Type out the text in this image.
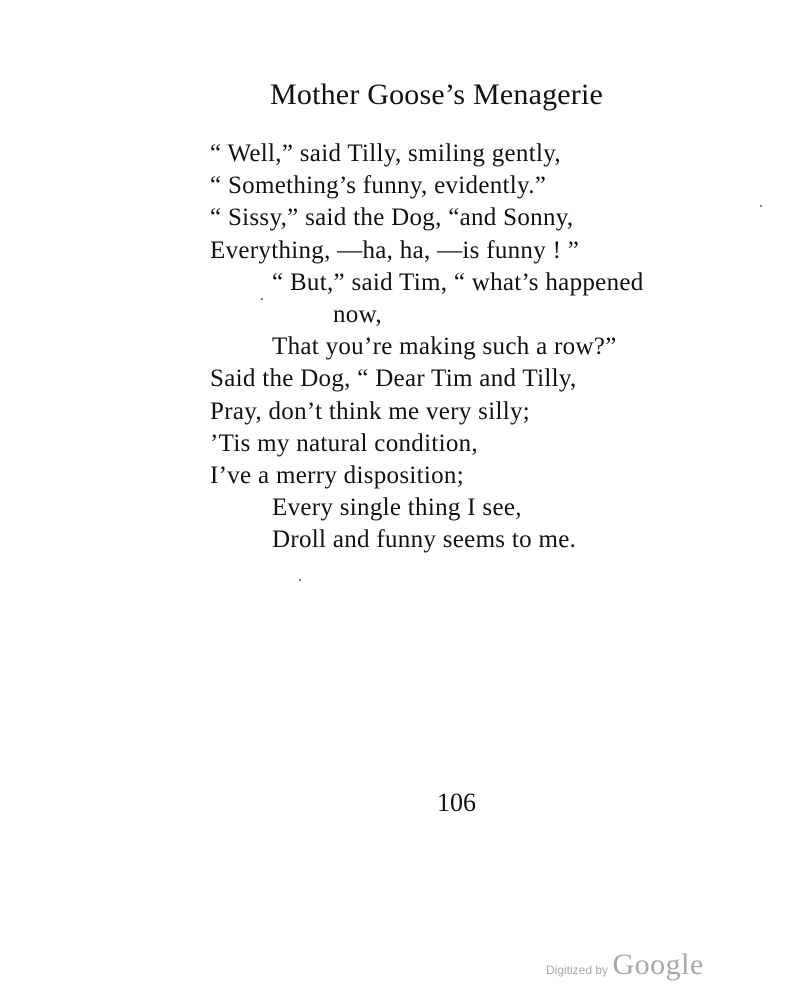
Mother Goose’s Menagerie
“ Well,” said Tilly, smiling gently,
“ Something’s funny, evidently.”
“ Sissy,” said the Dog, “and Sonny,
Everything, —ha, ha, —is funny ! ”
“ But,” said Tim, “ what’s happened
now,
That you’re making such a row?”
Said the Dog, “ Dear Tim and Tilly,
Pray, don’t think me very silly;
’Tis my natural condition,
I’ve a merry disposition;
Every single thing I see,
Droll and funny seems to me.
106
Digitized by Google
